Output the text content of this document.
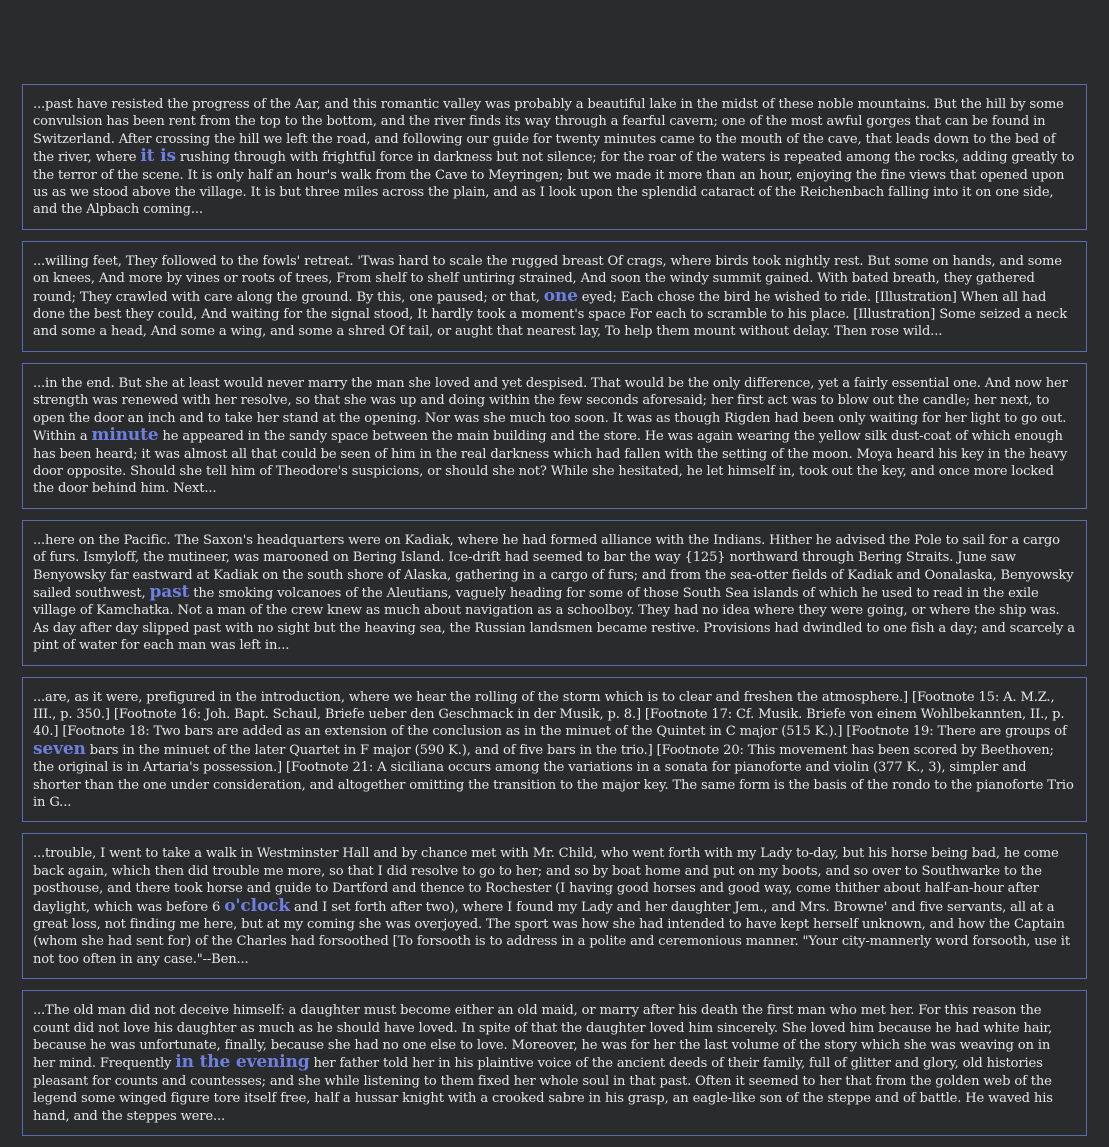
...past have resisted the progress of the Aar, and this romantic valley was probably a beautiful lake in the midst of these noble mountains. But the hill by some convulsion has been rent from the top to the bottom, and the river finds its way through a fearful cavern; one of the most awful gorges that can be found in Switzerland. After crossing the hill we left the road, and following our guide for twenty minutes came to the mouth of the cave, that leads down to the bed of the river, where it is rushing through with frightful force in darkness but not silence; for the roar of the waters is repeated among the rocks, adding greatly to the terror of the scene. It is only half an hour's walk from the Cave to Meyringen; but we made it more than an hour, enjoying the fine views that opened upon us as we stood above the village. It is but three miles across the plain, and as I look upon the splendid cataract of the Reichenbach falling into it on one side, and the Alpbach coming...
...willing feet, They followed to the fowls' retreat. 'Twas hard to scale the rugged breast Of crags, where birds took nightly rest. But some on hands, and some on knees, And more by vines or roots of trees, From shelf to shelf untiring strained, And soon the windy summit gained. With bated breath, they gathered round; They crawled with care along the ground. By this, one paused; or that, one eyed; Each chose the bird he wished to ride. [Illustration] When all had done the best they could, And waiting for the signal stood, It hardly took a moment's space For each to scramble to his place. [Illustration] Some seized a neck and some a head, And some a wing, and some a shred Of tail, or aught that nearest lay, To help them mount without delay. Then rose wild...
...in the end. But she at least would never marry the man she loved and yet despised. That would be the only difference, yet a fairly essential one. And now her strength was renewed with her resolve, so that she was up and doing within the few seconds aforesaid; her first act was to blow out the candle; her next, to open the door an inch and to take her stand at the opening. Nor was she much too soon. It was as though Rigden had been only waiting for her light to go out. Within a minute he appeared in the sandy space between the main building and the store. He was again wearing the yellow silk dust-coat of which enough has been heard; it was almost all that could be seen of him in the real darkness which had fallen with the setting of the moon. Moya heard his key in the heavy door opposite. Should she tell him of Theodore's suspicions, or should she not? While she hesitated, he let himself in, took out the key, and once more locked the door behind him. Next...
...here on the Pacific. The Saxon's headquarters were on Kadiak, where he had formed alliance with the Indians. Hither he advised the Pole to sail for a cargo of furs. Ismyloff, the mutineer, was marooned on Bering Island. Ice-drift had seemed to bar the way {125} northward through Bering Straits. June saw Benyowsky far eastward at Kadiak on the south shore of Alaska, gathering in a cargo of furs; and from the sea-otter fields of Kadiak and Oonalaska, Benyowsky sailed southwest, past the smoking volcanoes of the Aleutians, vaguely heading for some of those South Sea islands of which he used to read in the exile village of Kamchatka. Not a man of the crew knew as much about navigation as a schoolboy. They had no idea where they were going, or where the ship was. As day after day slipped past with no sight but the heaving sea, the Russian landsmen became restive. Provisions had dwindled to one fish a day; and scarcely a pint of water for each man was left in...
...are, as it were, prefigured in the introduction, where we hear the rolling of the storm which is to clear and freshen the atmosphere.] [Footnote 15: A. M.Z., III., p. 350.] [Footnote 16: Joh. Bapt. Schaul, Briefe ueber den Geschmack in der Musik, p. 8.] [Footnote 17: Cf. Musik. Briefe von einem Wohlbekannten, II., p. 40.] [Footnote 18: Two bars are added as an extension of the conclusion as in the minuet of the Quintet in C major (515 K.).] [Footnote 19: There are groups of seven bars in the minuet of the later Quartet in F major (590 K.), and of five bars in the trio.] [Footnote 20: This movement has been scored by Beethoven; the original is in Artaria's possession.] [Footnote 21: A siciliana occurs among the variations in a sonata for pianoforte and violin (377 K., 3), simpler and shorter than the one under consideration, and altogether omitting the transition to the major key. The same form is the basis of the rondo to the pianoforte Trio in G...
...trouble, I went to take a walk in Westminster Hall and by chance met with Mr. Child, who went forth with my Lady to-day, but his horse being bad, he come back again, which then did trouble me more, so that I did resolve to go to her; and so by boat home and put on my boots, and so over to Southwarke to the posthouse, and there took horse and guide to Dartford and thence to Rochester (I having good horses and good way, come thither about half-an-hour after daylight, which was before 6 o'clock and I set forth after two), where I found my Lady and her daughter Jem., and Mrs. Browne' and five servants, all at a great loss, not finding me here, but at my coming she was overjoyed. The sport was how she had intended to have kept herself unknown, and how the Captain (whom she had sent for) of the Charles had forsoothed [To forsooth is to address in a polite and ceremonious manner. "Your city-mannerly word forsooth, use it not too often in any case."--Ben...
...The old man did not deceive himself: a daughter must become either an old maid, or marry after his death the first man who met her. For this reason the count did not love his daughter as much as he should have loved. In spite of that the daughter loved him sincerely. She loved him because he had white hair, because he was unfortunate, finally, because she had no one else to love. Moreover, he was for her the last volume of the story which she was weaving on in her mind. Frequently in the evening her father told her in his plaintive voice of the ancient deeds of their family, full of glitter and glory, old histories pleasant for counts and countesses; and she while listening to them fixed her whole soul in that past. Often it seemed to her that from the golden web of the legend some winged figure tore itself free, half a hussar knight with a crooked sabre in his grasp, an eagle-like son of the steppe and of battle. He waved his hand, and the steppes were...
